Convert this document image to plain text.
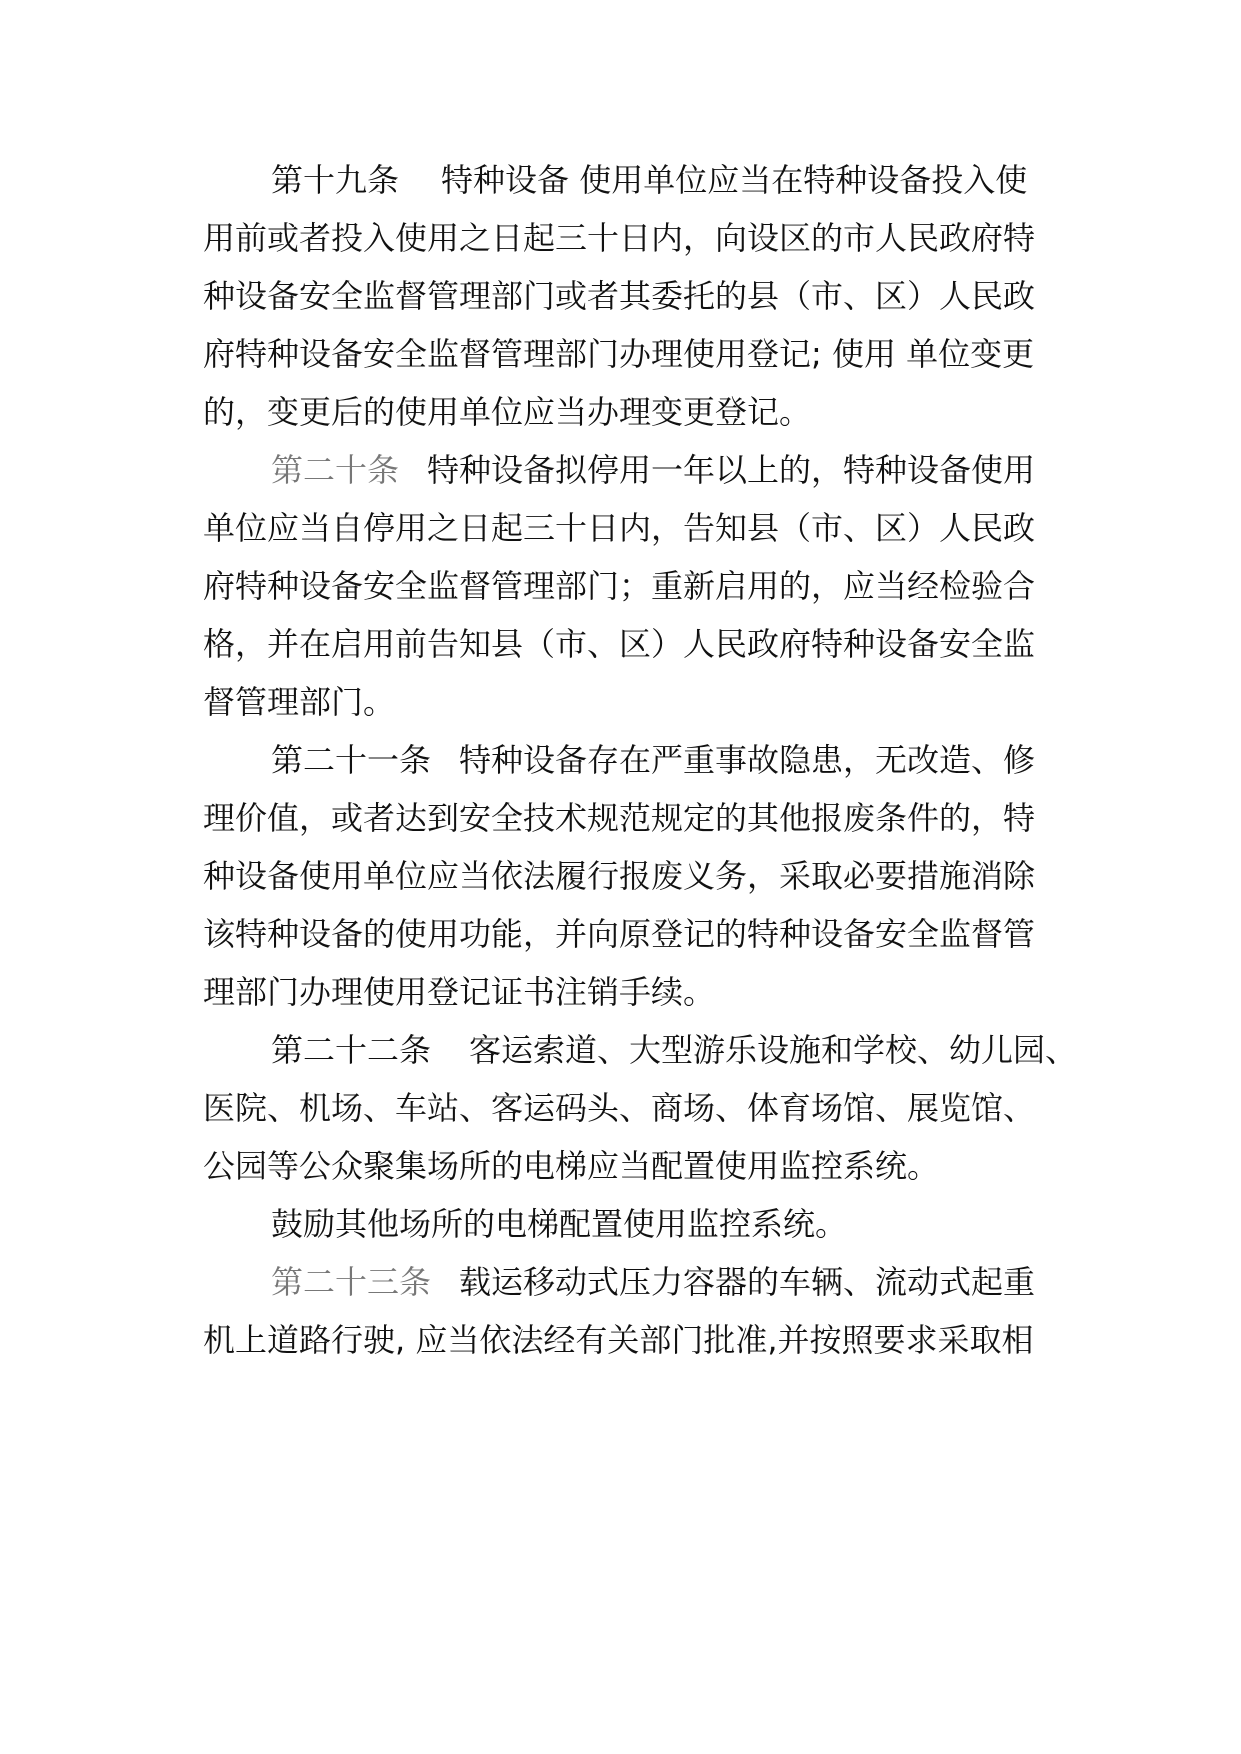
第十九条 特种设备 使用单位应当在特种设备投入使
用前或者投入使用之日起三十日内，向设区的市人民政府特
种设备安全监督管理部门或者其委托的县（市、区）人民政
府特种设备安全监督管理部门办理使用登记; 使用 单位变更
的，变更后的使用单位应当办理变更登记。
第二十条 特种设备拟停用一年以上的，特种设备使用
单位应当自停用之日起三十日内，告知县（市、区）人民政
府特种设备安全监督管理部门；重新启用的，应当经检验合
格，并在启用前告知县（市、区）人民政府特种设备安全监
督管理部门。
第二十一条 特种设备存在严重事故隐患，无改造、修
理价值，或者达到安全技术规范规定的其他报废条件的，特
种设备使用单位应当依法履行报废义务，采取必要措施消除
该特种设备的使用功能，并向原登记的特种设备安全监督管
理部门办理使用登记证书注销手续。
第二十二条 客运索道、大型游乐设施和学校、幼儿园、
医院、机场、车站、客运码头、商场、体育场馆、展览馆、
公园等公众聚集场所的电梯应当配置使用监控系统。
鼓励其他场所的电梯配置使用监控系统。
第二十三条 载运移动式压力容器的车辆、流动式起重
机上道路行驶, 应当依法经有关部门批准,并按照要求采取相
